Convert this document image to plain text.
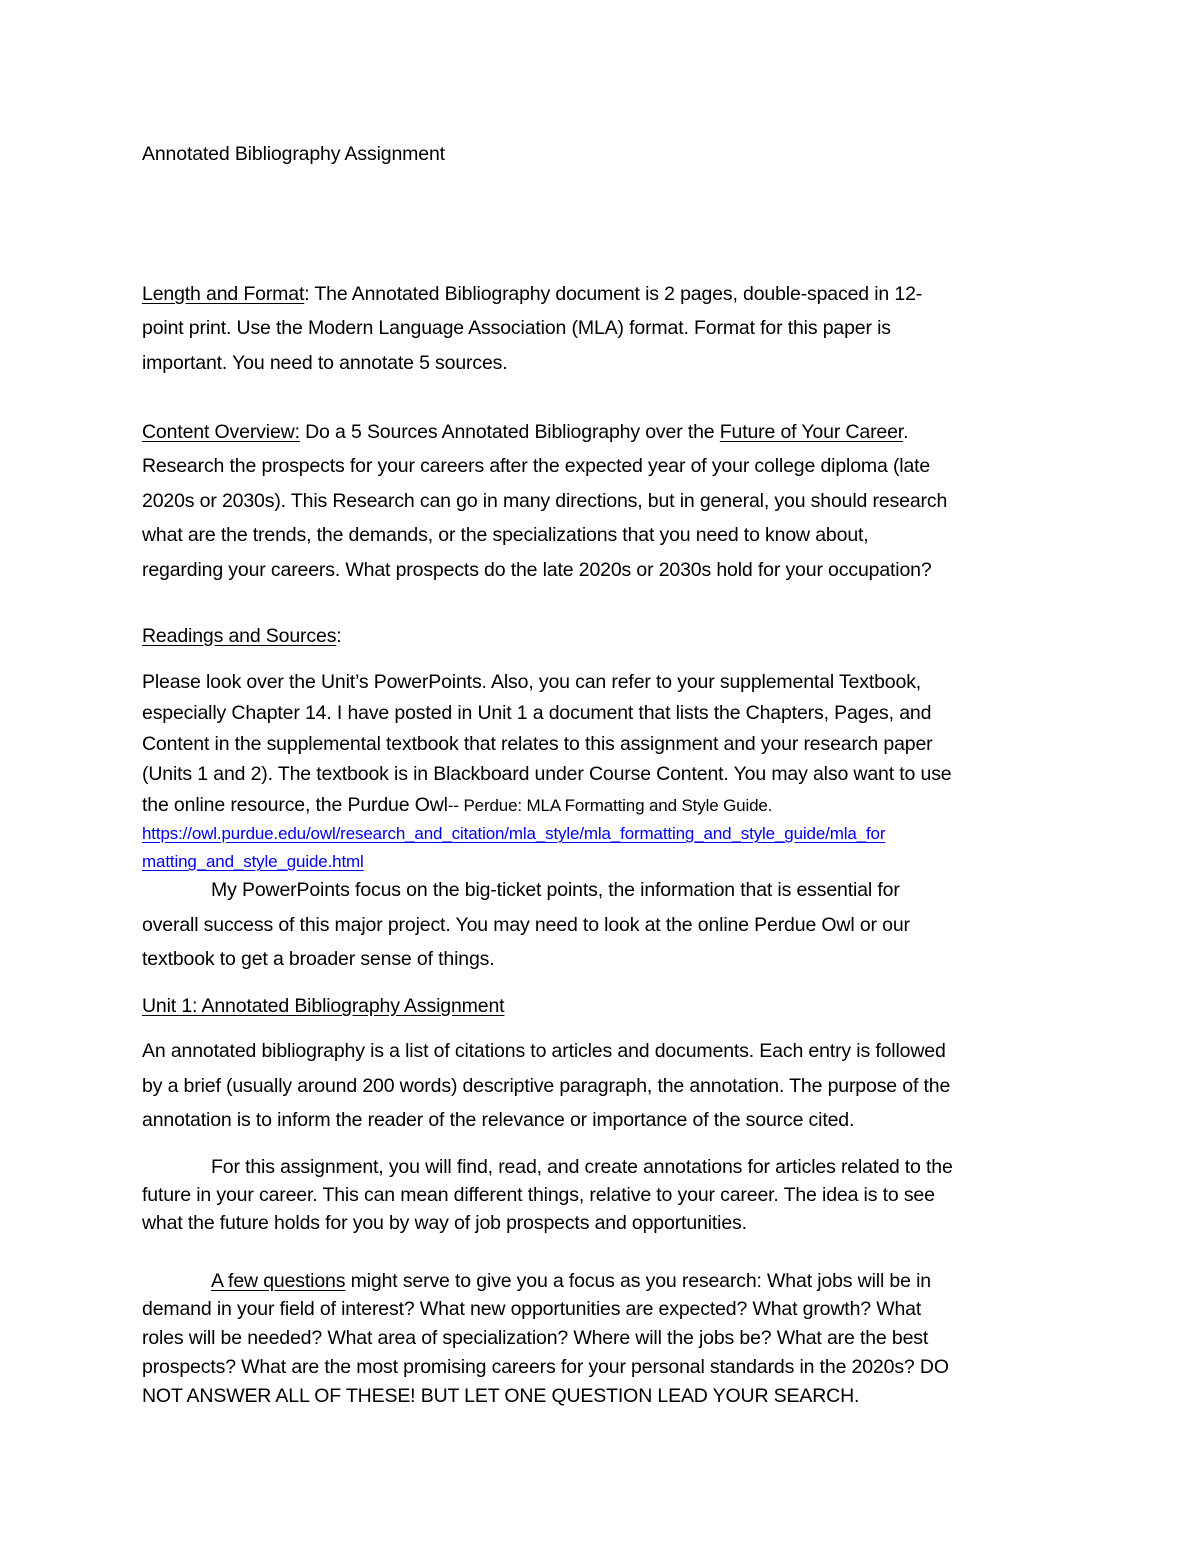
Annotated Bibliography Assignment
Length and Format: The Annotated Bibliography document is 2 pages, double-spaced in 12-
point print. Use the Modern Language Association (MLA) format. Format for this paper is
important. You need to annotate 5 sources.
Content Overview: Do a 5 Sources Annotated Bibliography over the Future of Your Career.
Research the prospects for your careers after the expected year of your college diploma (late
2020s or 2030s). This Research can go in many directions, but in general, you should research
what are the trends, the demands, or the specializations that you need to know about,
regarding your careers. What prospects do the late 2020s or 2030s hold for your occupation?
Readings and Sources:
Please look over the Unit’s PowerPoints. Also, you can refer to your supplemental Textbook,
especially Chapter 14. I have posted in Unit 1 a document that lists the Chapters, Pages, and
Content in the supplemental textbook that relates to this assignment and your research paper
(Units 1 and 2). The textbook is in Blackboard under Course Content. You may also want to use
the online resource, the Purdue Owl-- Perdue: MLA Formatting and Style Guide.
https://owl.purdue.edu/owl/research_and_citation/mla_style/mla_formatting_and_style_guide/mla_for
matting_and_style_guide.html
My PowerPoints focus on the big-ticket points, the information that is essential for
overall success of this major project. You may need to look at the online Perdue Owl or our
textbook to get a broader sense of things.
Unit 1: Annotated Bibliography Assignment
An annotated bibliography is a list of citations to articles and documents. Each entry is followed
by a brief (usually around 200 words) descriptive paragraph, the annotation. The purpose of the
annotation is to inform the reader of the relevance or importance of the source cited.
For this assignment, you will find, read, and create annotations for articles related to the
future in your career. This can mean different things, relative to your career. The idea is to see
what the future holds for you by way of job prospects and opportunities.
A few questions might serve to give you a focus as you research: What jobs will be in
demand in your field of interest? What new opportunities are expected? What growth? What
roles will be needed? What area of specialization? Where will the jobs be? What are the best
prospects? What are the most promising careers for your personal standards in the 2020s? DO
NOT ANSWER ALL OF THESE! BUT LET ONE QUESTION LEAD YOUR SEARCH.
